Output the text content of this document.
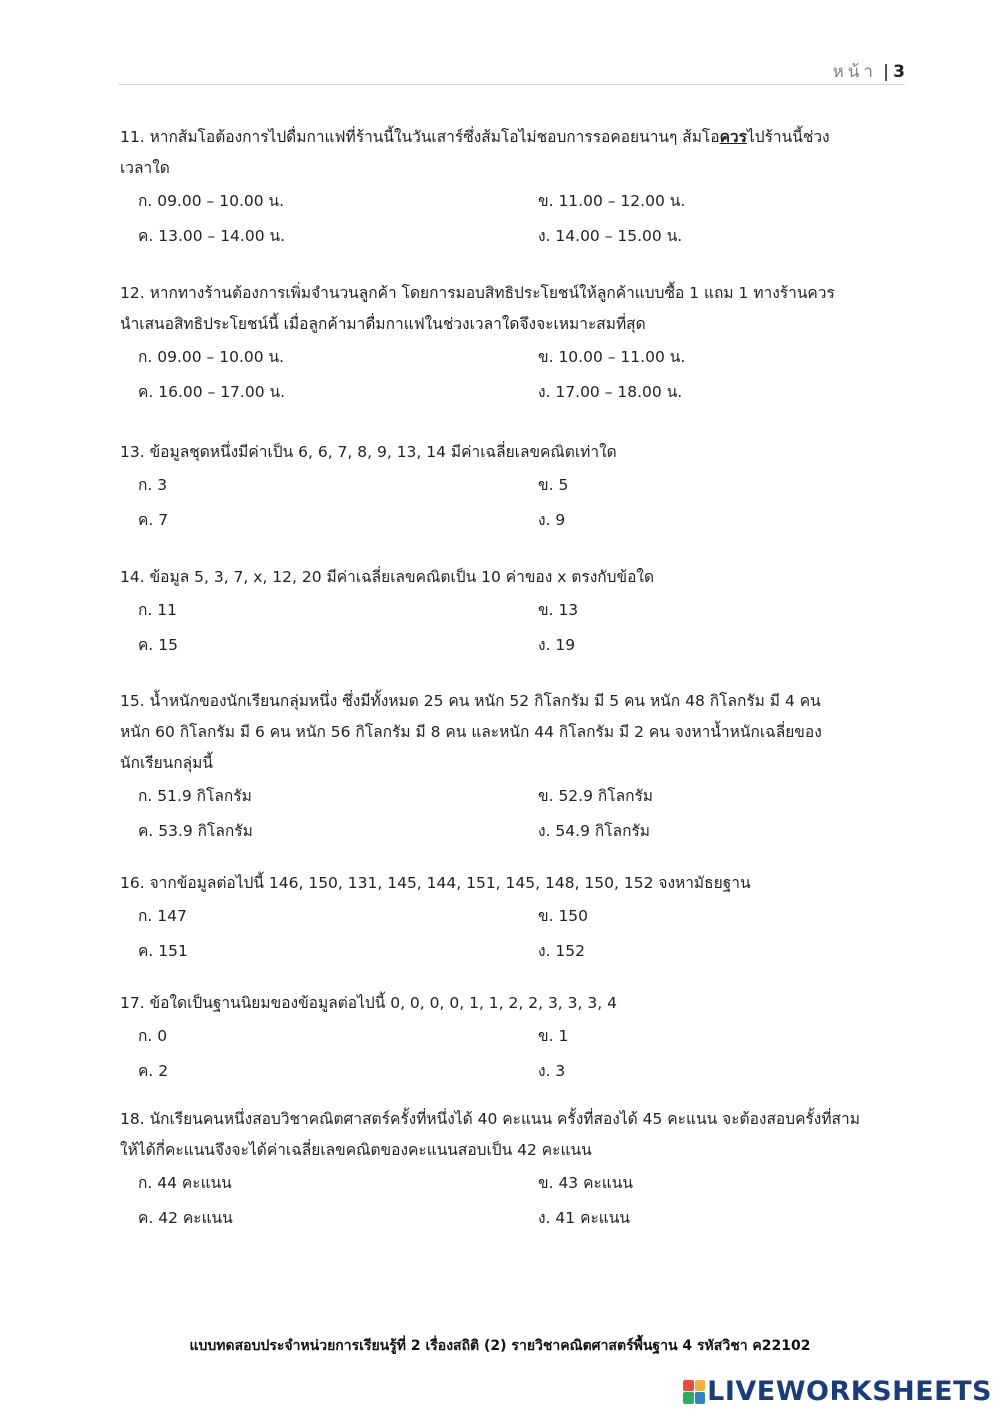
หน้า | 3
11. หากส้มโอต้องการไปดื่มกาแฟที่ร้านนี้ในวันเสาร์ซึ่งส้มโอไม่ชอบการรอคอยนานๆ ส้มโอควรไปร้านนี้ช่วง
เวลาใด
ก. 09.00 – 10.00 น.	ข. 11.00 – 12.00 น.
ค. 13.00 – 14.00 น.	ง. 14.00 – 15.00 น.
12. หากทางร้านต้องการเพิ่มจำนวนลูกค้า โดยการมอบสิทธิประโยชน์ให้ลูกค้าแบบซื้อ 1 แถม 1 ทางร้านควร
นำเสนอสิทธิประโยชน์นี้ เมื่อลูกค้ามาดื่มกาแฟในช่วงเวลาใดจึงจะเหมาะสมที่สุด
ก. 09.00 – 10.00 น.	ข. 10.00 – 11.00 น.
ค. 16.00 – 17.00 น.	ง. 17.00 – 18.00 น.
13. ข้อมูลชุดหนึ่งมีค่าเป็น 6, 6, 7, 8, 9, 13, 14 มีค่าเฉลี่ยเลขคณิตเท่าใด
ก. 3	ข. 5
ค. 7	ง. 9
14. ข้อมูล 5, 3, 7, x, 12, 20 มีค่าเฉลี่ยเลขคณิตเป็น 10 ค่าของ x ตรงกับข้อใด
ก. 11	ข. 13
ค. 15	ง. 19
15. น้ำหนักของนักเรียนกลุ่มหนึ่ง ซึ่งมีทั้งหมด 25 คน หนัก 52 กิโลกรัม มี 5 คน หนัก 48 กิโลกรัม มี 4 คน
หนัก 60 กิโลกรัม มี 6 คน หนัก 56 กิโลกรัม มี 8 คน และหนัก 44 กิโลกรัม มี 2 คน จงหาน้ำหนักเฉลี่ยของ
นักเรียนกลุ่มนี้
ก. 51.9 กิโลกรัม	ข. 52.9 กิโลกรัม
ค. 53.9 กิโลกรัม	ง. 54.9 กิโลกรัม
16. จากข้อมูลต่อไปนี้ 146, 150, 131, 145, 144, 151, 145, 148, 150, 152 จงหามัธยฐาน
ก. 147	ข. 150
ค. 151	ง. 152
17. ข้อใดเป็นฐานนิยมของข้อมูลต่อไปนี้ 0, 0, 0, 0, 1, 1, 2, 2, 3, 3, 3, 4
ก. 0	ข. 1
ค. 2	ง. 3
18. นักเรียนคนหนึ่งสอบวิชาคณิตศาสตร์ครั้งที่หนึ่งได้ 40 คะแนน ครั้งที่สองได้ 45 คะแนน จะต้องสอบครั้งที่สาม
ให้ได้กี่คะแนนจึงจะได้ค่าเฉลี่ยเลขคณิตของคะแนนสอบเป็น 42 คะแนน
ก. 44 คะแนน	ข. 43 คะแนน
ค. 42 คะแนน	ง. 41 คะแนน
แบบทดสอบประจำหน่วยการเรียนรู้ที่ 2 เรื่องสถิติ (2) รายวิชาคณิตศาสตร์พื้นฐาน 4 รหัสวิชา ค22102
LIVEWORKSHEETS
